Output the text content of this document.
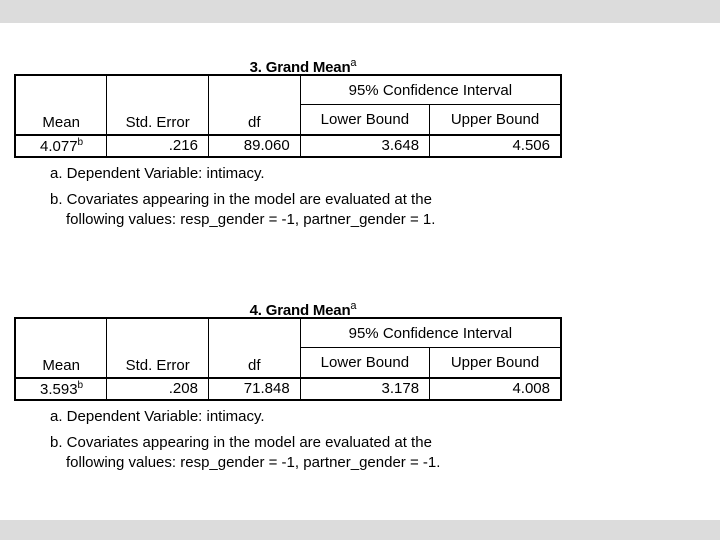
3. Grand Mean$^a$
			95% Confidence Interval	
Mean	Std. Error	df	Lower Bound	Upper Bound
4.077$^b$	.216	89.060	3.648	4.506

a. Dependent Variable: intimacy.

b. Covariates appearing in the model are evaluated at the
following values: resp_gender = -1, partner_gender = 1.

4. Grand Mean$^a$
			95% Confidence Interval	
Mean	Std. Error	df	Lower Bound	Upper Bound
3.593$^b$	.208	71.848	3.178	4.008

a. Dependent Variable: intimacy.

b. Covariates appearing in the model are evaluated at the
following values: resp_gender = -1, partner_gender = -1.
